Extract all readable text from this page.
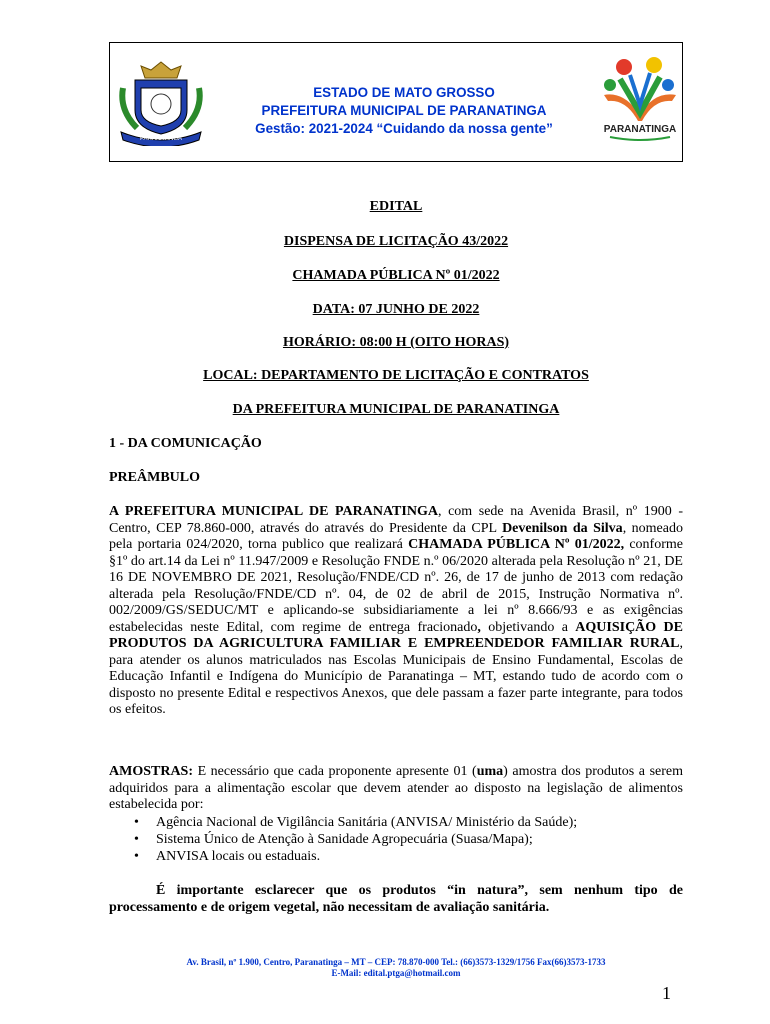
PARANATINGA
ESTADO DE MATO GROSSO
PREFEITURA MUNICIPAL DE PARANATINGA
Gestão: 2021-2024 “Cuidando da nossa gente”	PARANATINGA
EDITAL
DISPENSA DE LICITAÇÃO 43/2022
CHAMADA PÚBLICA Nº 01/2022
DATA: 07 JUNHO DE 2022
HORÁRIO: 08:00 H (OITO HORAS)
LOCAL: DEPARTAMENTO DE LICITAÇÃO E CONTRATOS
DA PREFEITURA MUNICIPAL DE PARANATINGA
1 - DA COMUNICAÇÃO
PREÂMBULO
A PREFEITURA MUNICIPAL DE PARANATINGA, com sede na Avenida Brasil, nº 1900 - Centro, CEP 78.860-000, através do através do Presidente da CPL Devenilson da Silva, nomeado pela portaria 024/2020, torna publico que realizará CHAMADA PÚBLICA Nº 01/2022, conforme §1º do art.14 da Lei nº 11.947/2009 e Resolução FNDE n.º 06/2020 alterada pela Resolução nº 21, DE 16 DE NOVEMBRO DE 2021, Resolução/FNDE/CD nº. 26, de 17 de junho de 2013 com redação alterada pela Resolução/FNDE/CD nº. 04, de 02 de abril de 2015, Instrução Normativa nº. 002/2009/GS/SEDUC/MT e aplicando-se subsidiariamente a lei nº 8.666/93 e as exigências estabelecidas neste Edital, com regime de entrega fracionado, objetivando a AQUISIÇÃO DE PRODUTOS DA AGRICULTURA FAMILIAR E EMPREENDEDOR FAMILIAR RURAL, para atender os alunos matriculados nas Escolas Municipais de Ensino Fundamental, Escolas de Educação Infantil e Indígena do Município de Paranatinga – MT, estando tudo de acordo com o disposto no presente Edital e respectivos Anexos, que dele passam a fazer parte integrante, para todos os efeitos.
AMOSTRAS: E necessário que cada proponente apresente 01 (uma) amostra dos produtos a serem adquiridos para a alimentação escolar que devem atender ao disposto na legislação de alimentos estabelecida por:
• Agência Nacional de Vigilância Sanitária (ANVISA/ Ministério da Saúde);
• Sistema Único de Atenção à Sanidade Agropecuária (Suasa/Mapa);
• ANVISA locais ou estaduais.
É importante esclarecer que os produtos “in natura”, sem nenhum tipo de processamento e de origem vegetal, não necessitam de avaliação sanitária.
Av. Brasil, nº 1.900, Centro, Paranatinga – MT – CEP: 78.870-000 Tel.: (66)3573-1329/1756 Fax(66)3573-1733
E-Mail: edital.ptga@hotmail.com
1
